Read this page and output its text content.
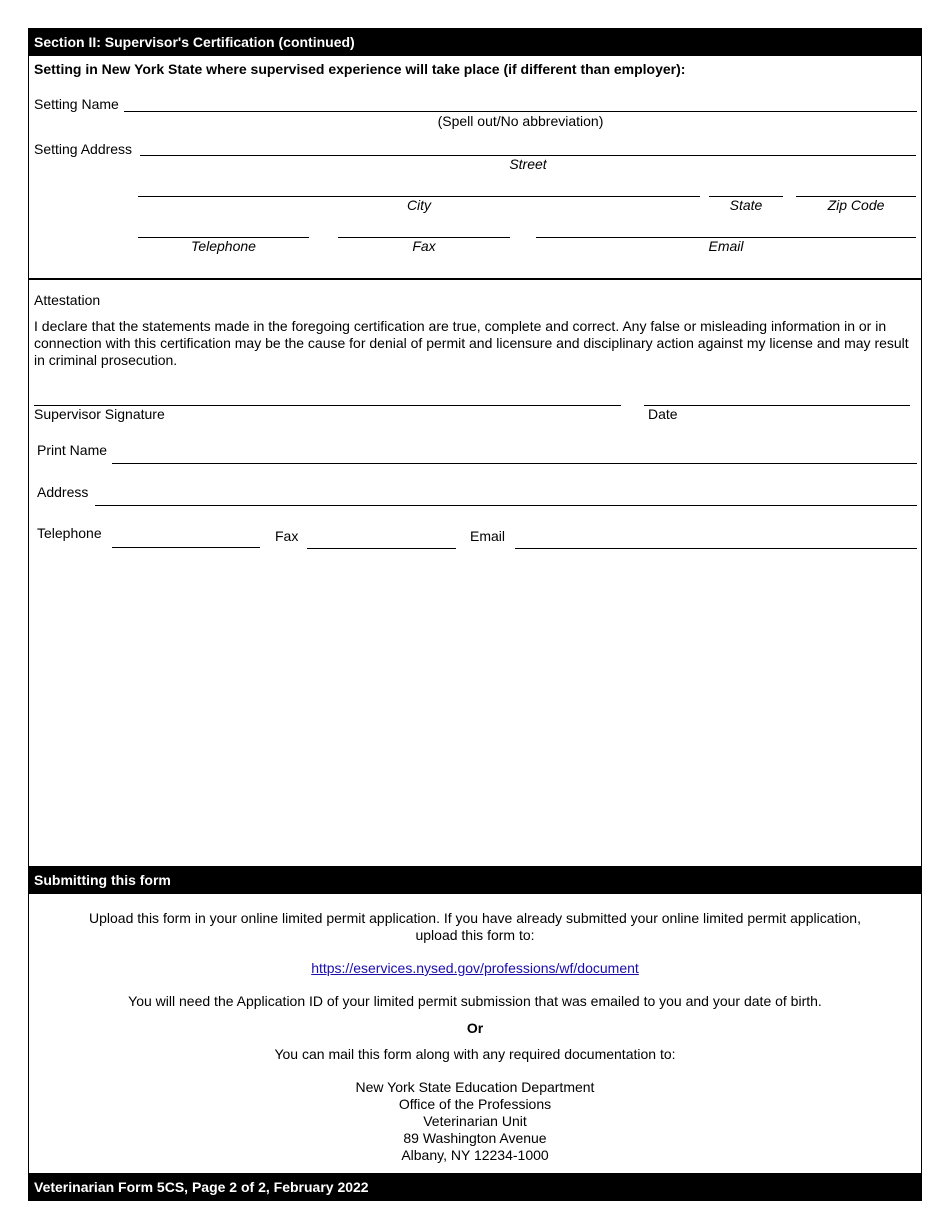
Section II: Supervisor's Certification (continued)
Setting in New York State where supervised experience will take place (if different than employer):
Setting Name
(Spell out/No abbreviation)
Setting Address
Street
City	State	Zip Code
Telephone	Fax	Email
Attestation
I declare that the statements made in the foregoing certification are true, complete and correct. Any false or misleading information in or in connection with this certification may be the cause for denial of permit and licensure and disciplinary action against my license and may result in criminal prosecution.
Supervisor Signature	Date
Print Name
Address
Telephone	Fax	Email
Submitting this form
Upload this form in your online limited permit application. If you have already submitted your online limited permit application, upload this form to:
https://eservices.nysed.gov/professions/wf/document
You will need the Application ID of your limited permit submission that was emailed to you and your date of birth.
Or
You can mail this form along with any required documentation to:
New York State Education Department
Office of the Professions
Veterinarian Unit
89 Washington Avenue
Albany, NY 12234-1000
Veterinarian Form 5CS, Page 2 of 2, February 2022
